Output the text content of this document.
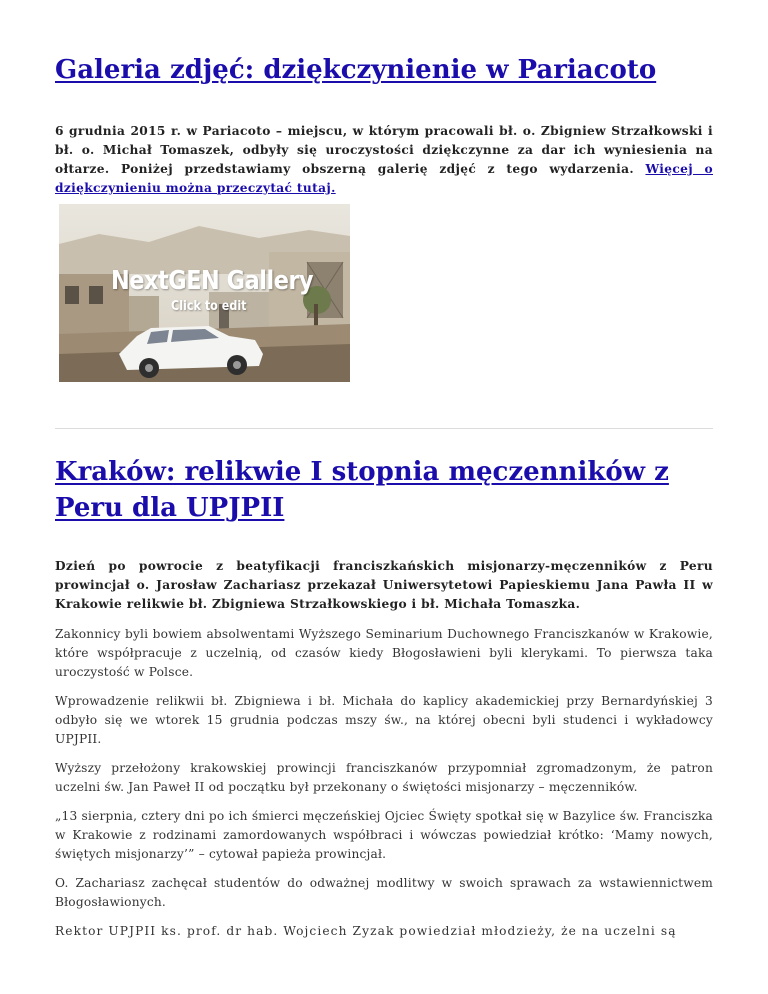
Galeria zdjęć: dziękczynienie w Pariacoto

6 grudnia 2015 r. w Pariacoto – miejscu, w którym pracowali bł. o. Zbigniew Strzałkowski i bł. o. Michał Tomaszek, odbyły się uroczystości dziękczynne za dar ich wyniesienia na ołtarze. Poniżej przedstawiamy obszerną galerię zdjęć z tego wydarzenia. Więcej o dziękczynieniu można przeczytać tutaj.

NextGEN Gallery
Click to edit
Kraków: relikwie I stopnia męczenników z Peru dla UPJPII

Dzień po powrocie z beatyfikacji franciszkańskich misjonarzy-męczenników z Peru prowincjał o. Jarosław Zachariasz przekazał Uniwersytetowi Papieskiemu Jana Pawła II w Krakowie relikwie bł. Zbigniewa Strzałkowskiego i bł. Michała Tomaszka.

Zakonnicy byli bowiem absolwentami Wyższego Seminarium Duchownego Franciszkanów w Krakowie, które współpracuje z uczelnią, od czasów kiedy Błogosławieni byli klerykami. To pierwsza taka uroczystość w Polsce.

Wprowadzenie relikwii bł. Zbigniewa i bł. Michała do kaplicy akademickiej przy Bernardyńskiej 3 odbyło się we wtorek 15 grudnia podczas mszy św., na której obecni byli studenci i wykładowcy UPJPII.

Wyższy przełożony krakowskiej prowincji franciszkanów przypomniał zgromadzonym, że patron uczelni św. Jan Paweł II od początku był przekonany o świętości misjonarzy – męczenników.

„13 sierpnia, cztery dni po ich śmierci męczeńskiej Ojciec Święty spotkał się w Bazylice św. Franciszka w Krakowie z rodzinami zamordowanych współbraci i wówczas powiedział krótko: ‘Mamy nowych, świętych misjonarzy’” – cytował papieża prowincjał.

O. Zachariasz zachęcał studentów do odważnej modlitwy w swoich sprawach za wstawiennictwem Błogosławionych.

Rektor UPJPII ks. prof. dr hab. Wojciech Zyzak powiedział młodzieży, że na uczelni są
